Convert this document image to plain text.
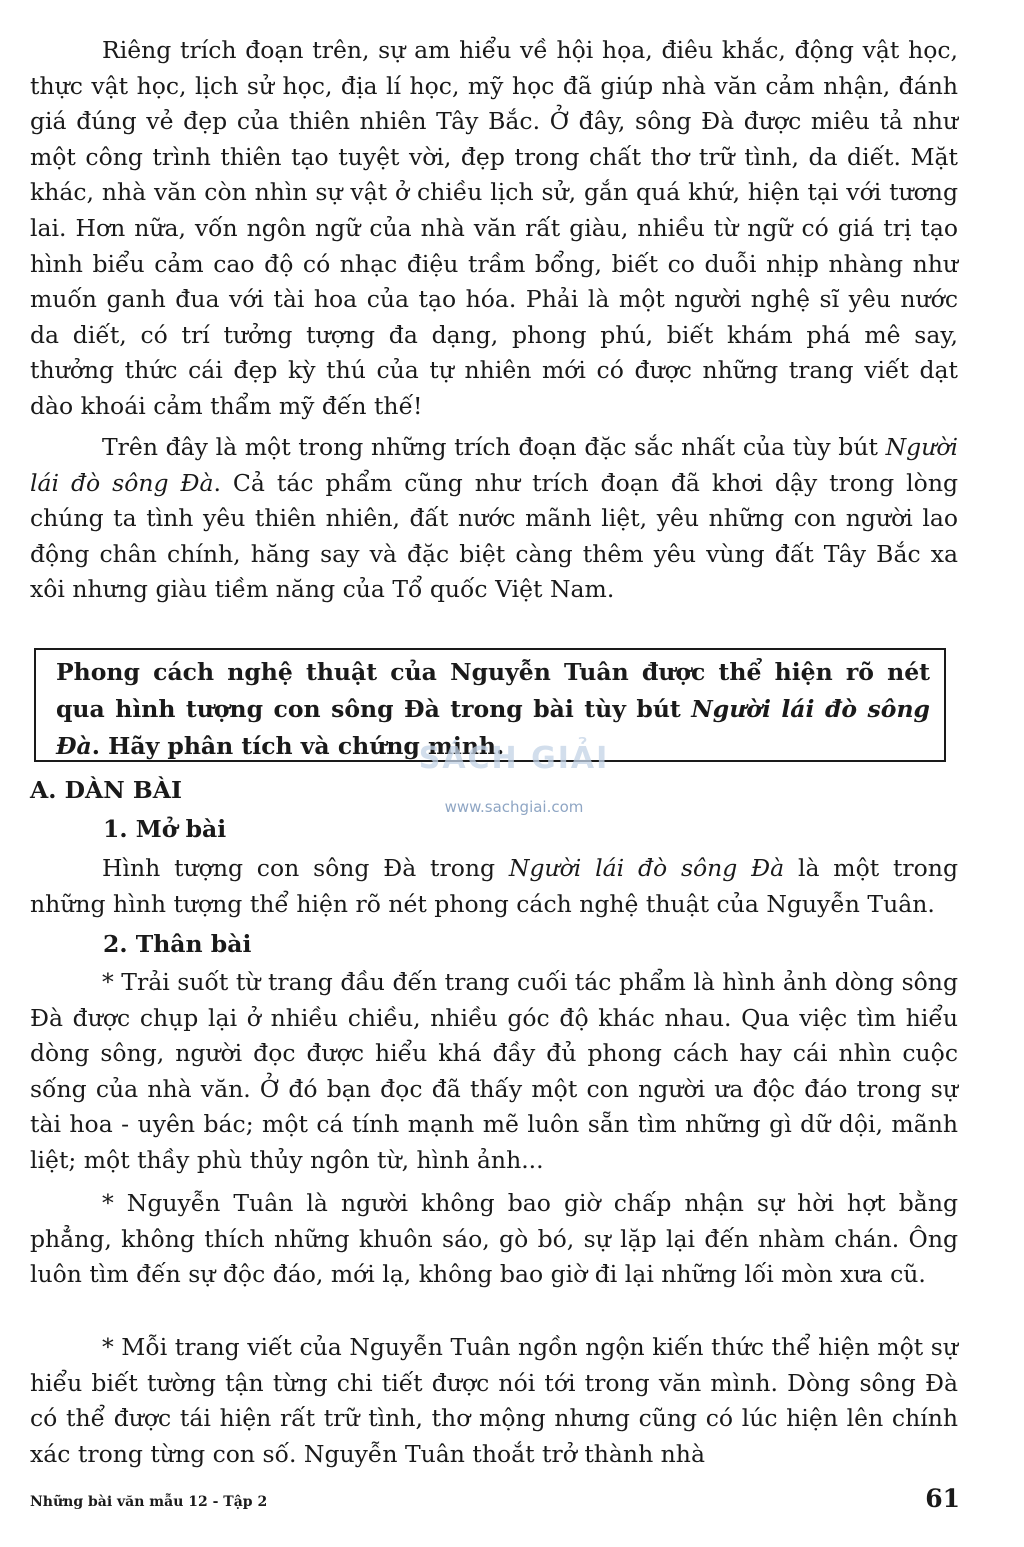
Riêng trích đoạn trên, sự am hiểu về hội họa, điêu khắc, động vật học, thực vật học, lịch sử học, địa lí học, mỹ học đã giúp nhà văn cảm nhận, đánh giá đúng vẻ đẹp của thiên nhiên Tây Bắc. Ở đây, sông Đà được miêu tả như một công trình thiên tạo tuyệt vời, đẹp trong chất thơ trữ tình, da diết. Mặt khác, nhà văn còn nhìn sự vật ở chiều lịch sử, gắn quá khứ, hiện tại với tương lai. Hơn nữa, vốn ngôn ngữ của nhà văn rất giàu, nhiều từ ngữ có giá trị tạo hình biểu cảm cao độ có nhạc điệu trầm bổng, biết co duỗi nhịp nhàng như muốn ganh đua với tài hoa của tạo hóa. Phải là một người nghệ sĩ yêu nước da diết, có trí tưởng tượng đa dạng, phong phú, biết khám phá mê say, thưởng thức cái đẹp kỳ thú của tự nhiên mới có được những trang viết dạt dào khoái cảm thẩm mỹ đến thế!

Trên đây là một trong những trích đoạn đặc sắc nhất của tùy bút Người lái đò sông Đà. Cả tác phẩm cũng như trích đoạn đã khơi dậy trong lòng chúng ta tình yêu thiên nhiên, đất nước mãnh liệt, yêu những con người lao động chân chính, hăng say và đặc biệt càng thêm yêu vùng đất Tây Bắc xa xôi nhưng giàu tiềm năng của Tổ quốc Việt Nam.

Phong cách nghệ thuật của Nguyễn Tuân được thể hiện rõ nét qua hình tượng con sông Đà trong bài tùy bút Người lái đò sông Đà. Hãy phân tích và chứng minh.
SÁCH GIẢI
www.sachgiai.com
A. DÀN BÀI
1. Mở bài

Hình tượng con sông Đà trong Người lái đò sông Đà là một trong những hình tượng thể hiện rõ nét phong cách nghệ thuật của Nguyễn Tuân.

2. Thân bài

* Trải suốt từ trang đầu đến trang cuối tác phẩm là hình ảnh dòng sông Đà được chụp lại ở nhiều chiều, nhiều góc độ khác nhau. Qua việc tìm hiểu dòng sông, người đọc được hiểu khá đầy đủ phong cách hay cái nhìn cuộc sống của nhà văn. Ở đó bạn đọc đã thấy một con người ưa độc đáo trong sự tài hoa - uyên bác; một cá tính mạnh mẽ luôn sẵn tìm những gì dữ dội, mãnh liệt; một thầy phù thủy ngôn từ, hình ảnh...

* Nguyễn Tuân là người không bao giờ chấp nhận sự hời hợt bằng phẳng, không thích những khuôn sáo, gò bó, sự lặp lại đến nhàm chán. Ông luôn tìm đến sự độc đáo, mới lạ, không bao giờ đi lại những lối mòn xưa cũ.

* Mỗi trang viết của Nguyễn Tuân ngồn ngộn kiến thức thể hiện một sự hiểu biết tường tận từng chi tiết được nói tới trong văn mình. Dòng sông Đà có thể được tái hiện rất trữ tình, thơ mộng nhưng cũng có lúc hiện lên chính xác trong từng con số. Nguyễn Tuân thoắt trở thành nhà

Những bài văn mẫu 12 - Tập 2	61
